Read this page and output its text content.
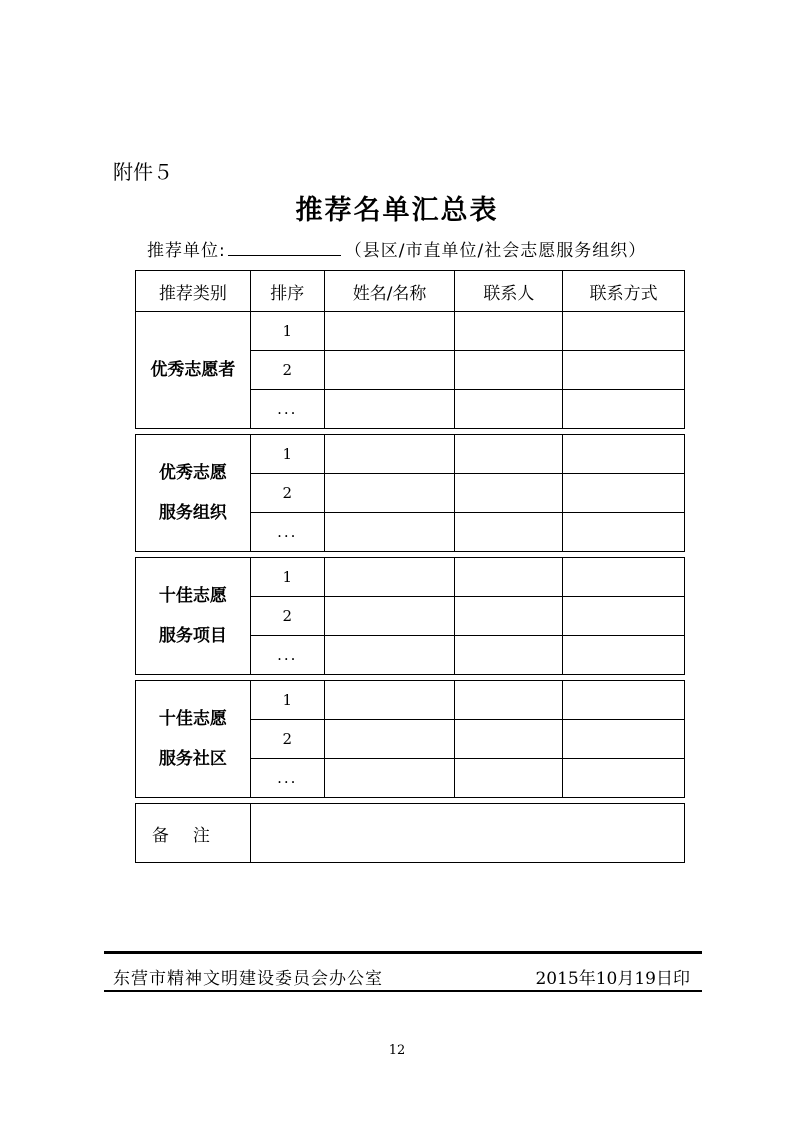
附件５
推荐名单汇总表
推荐单位:	（县区/市直单位/社会志愿服务组织）
推荐类别	排序	姓名/名称	联系人	联系方式

优秀志愿者	1			
	2			
	...			

优秀志愿
服务组织	1			
	2			
	...			

十佳志愿
服务项目	1			
	2			
	...			

十佳志愿
服务社区	1			
	2			
	...			

备注				
东营市精神文明建设委员会办公室	2015年10月19日印
12
